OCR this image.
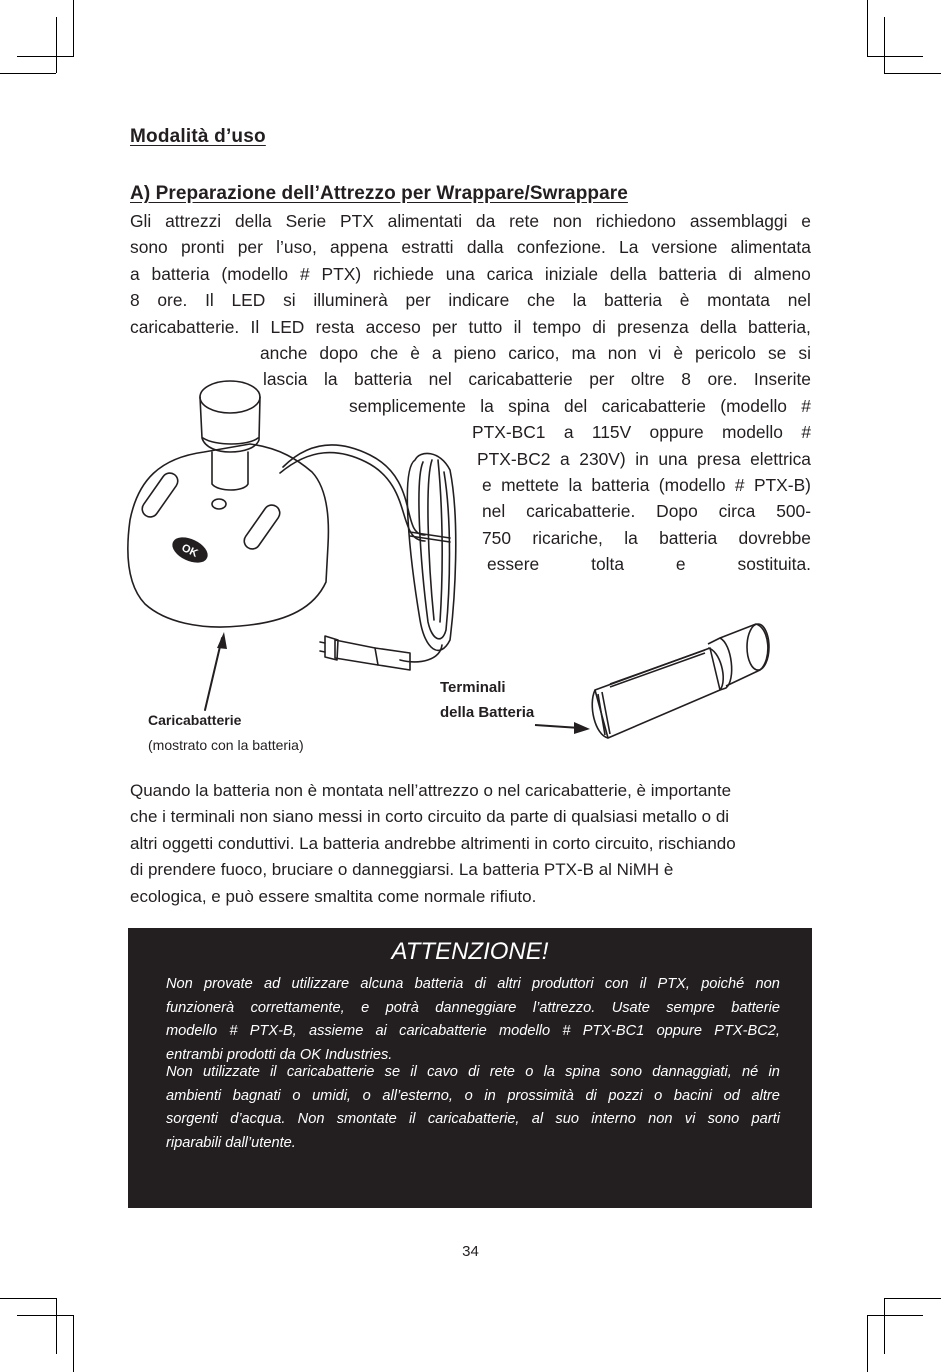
Modalità d’uso
A) Preparazione dell’Attrezzo per Wrappare/Swrappare
Gli attrezzi della Serie PTX alimentati da rete non richiedono assemblaggi e
sono pronti per l’uso, appena estratti dalla confezione. La versione alimentata
a batteria (modello # PTX) richiede una carica iniziale della batteria di almeno
8 ore. Il LED si illuminerà per indicare che la batteria è montata nel
caricabatterie. Il LED resta acceso per tutto il tempo di presenza della batteria,
anche dopo che è a pieno carico, ma non vi è pericolo se si
lascia la batteria nel caricabatterie per oltre 8 ore. Inserite
semplicemente la spina del caricabatterie (modello #
PTX-BC1 a 115V oppure modello #
PTX-BC2 a 230V) in una presa elettrica
e mettete la batteria (modello # PTX-B)
nel caricabatterie. Dopo circa 500-
750 ricariche, la batteria dovrebbe
essere	tolta	e	sostituita.
OK
Caricabatterie
(mostrato con la batteria)
Terminali
della Batteria
Quando la batteria non è montata nell’attrezzo o nel caricabatterie, è importante
che i terminali non siano messi in corto circuito da parte di qualsiasi metallo o di
altri oggetti conduttivi. La batteria andrebbe altrimenti in corto circuito, rischiando
di prendere fuoco, bruciare o danneggiarsi. La batteria PTX-B al NiMH è
ecologica, e può essere smaltita come normale rifiuto.
ATTENZIONE!
Non provate ad utilizzare alcuna batteria di altri produttori con il PTX, poiché non
funzionerà correttamente, e potrà danneggiare l’attrezzo. Usate sempre batterie
modello # PTX-B, assieme ai caricabatterie modello # PTX-BC1 oppure PTX-BC2,
entrambi prodotti da OK Industries.
Non utilizzate il caricabatterie se il cavo di rete o la spina sono dannaggiati, né in
ambienti bagnati o umidi, o all’esterno, o in prossimità di pozzi o bacini od altre
sorgenti d’acqua. Non smontate il caricabatterie, al suo interno non vi sono parti
riparabili dall’utente.
34
